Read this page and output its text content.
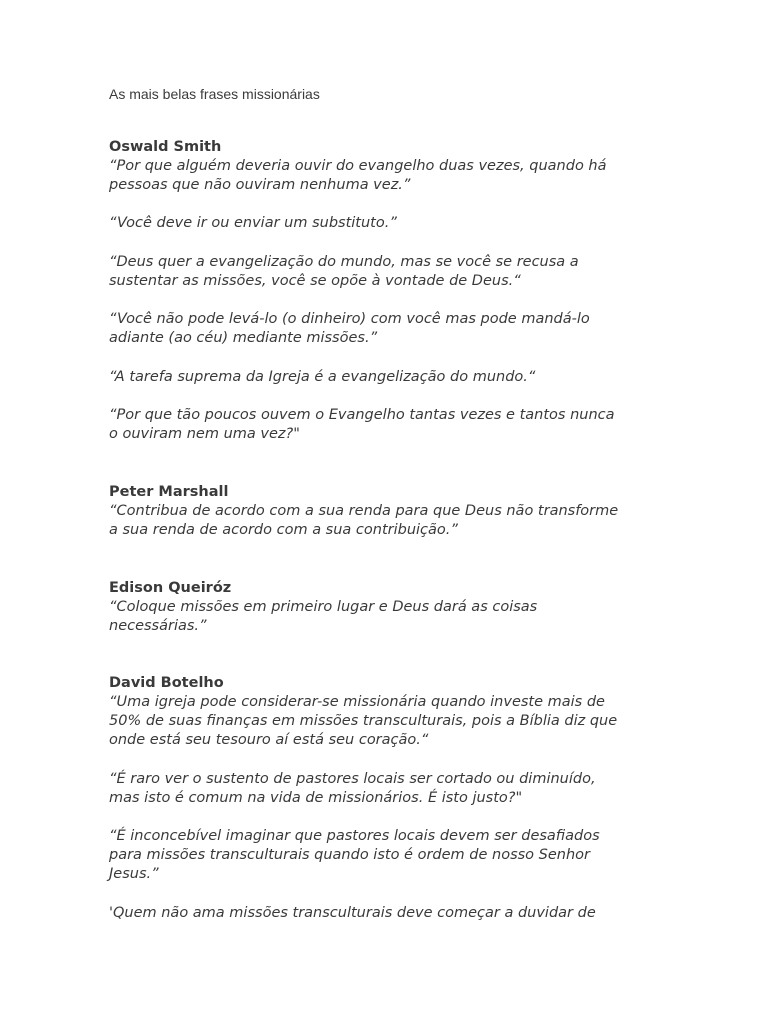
As mais belas frases missionárias
Oswald Smith
“Por que alguém deveria ouvir do evangelho duas vezes, quando há
pessoas que não ouviram nenhuma vez.”
“Você deve ir ou enviar um substituto.”
“Deus quer a evangelização do mundo, mas se você se recusa a
sustentar as missões, você se opõe à vontade de Deus.“
“Você não pode levá-lo (o dinheiro) com você mas pode mandá-lo
adiante (ao céu) mediante missões.”
“A tarefa suprema da Igreja é a evangelização do mundo.“
“Por que tão poucos ouvem o Evangelho tantas vezes e tantos nunca
o ouviram nem uma vez?"
Peter Marshall
“Contribua de acordo com a sua renda para que Deus não transforme
a sua renda de acordo com a sua contribuição.”
Edison Queiróz
“Coloque missões em primeiro lugar e Deus dará as coisas
necessárias.”
David Botelho
“Uma igreja pode considerar-se missionária quando investe mais de
50% de suas finanças em missões transculturais, pois a Bíblia diz que
onde está seu tesouro aí está seu coração.“
“É raro ver o sustento de pastores locais ser cortado ou diminuído,
mas isto é comum na vida de missionários. É isto justo?"
“É inconcebível imaginar que pastores locais devem ser desafiados
para missões transculturais quando isto é ordem de nosso Senhor
Jesus.”
'Quem não ama missões transculturais deve começar a duvidar de
